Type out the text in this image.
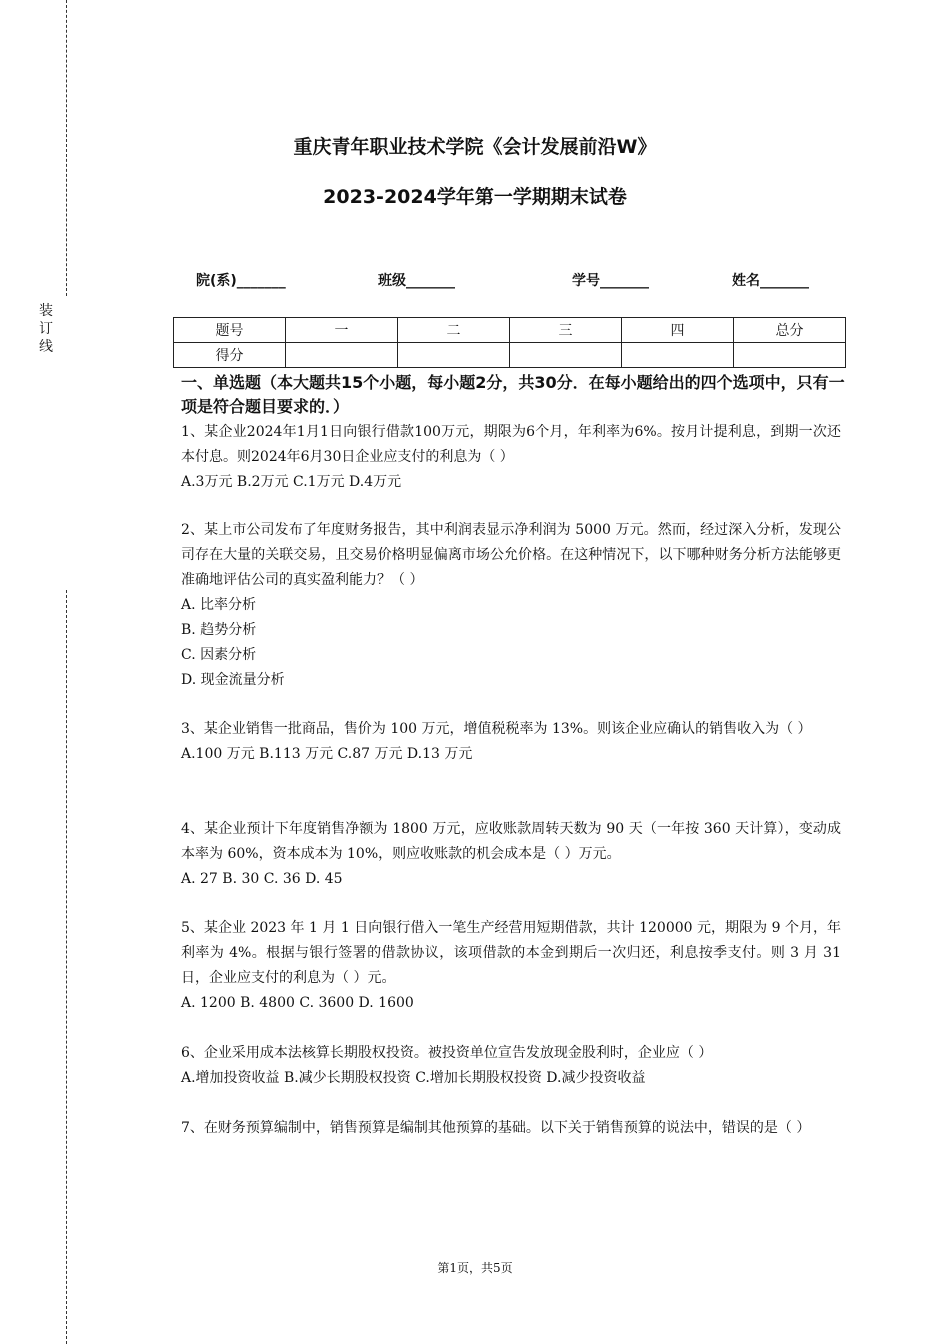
装订线
重庆青年职业技术学院《会计发展前沿W》
2023-2024学年第一学期期末试卷
院(系)_______	班级_______	学号_______	姓名_______
题号	一	二	三	四	总分
得分					
一、单选题（本大题共15个小题，每小题2分，共30分．在每小题给出的四个选项中，只有一项是符合题目要求的．）

1、某企业2024年1月1日向银行借款100万元，期限为6个月，年利率为6%。按月计提利息，到期一次还本付息。则2024年6月30日企业应支付的利息为（ ）

A.3万元 B.2万元 C.1万元 D.4万元

2、某上市公司发布了年度财务报告，其中利润表显示净利润为 5000 万元。然而，经过深入分析，发现公司存在大量的关联交易，且交易价格明显偏离市场公允价格。在这种情况下，以下哪种财务分析方法能够更准确地评估公司的真实盈利能力？（ ）

A. 比率分析

B. 趋势分析

C. 因素分析

D. 现金流量分析

3、某企业销售一批商品，售价为 100 万元，增值税税率为 13%。则该企业应确认的销售收入为（ ）

A.100 万元 B.113 万元 C.87 万元 D.13 万元

4、某企业预计下年度销售净额为 1800 万元，应收账款周转天数为 90 天（一年按 360 天计算），变动成本率为 60%，资本成本为 10%，则应收账款的机会成本是（ ）万元。

A. 27 B. 30 C. 36 D. 45

5、某企业 2023 年 1 月 1 日向银行借入一笔生产经营用短期借款，共计 120000 元，期限为 9 个月，年利率为 4%。根据与银行签署的借款协议，该项借款的本金到期后一次归还，利息按季支付。则 3 月 31 日，企业应支付的利息为（ ）元。

A. 1200 B. 4800 C. 3600 D. 1600

6、企业采用成本法核算长期股权投资。被投资单位宣告发放现金股利时，企业应（ ）

A.增加投资收益 B.减少长期股权投资 C.增加长期股权投资 D.减少投资收益

7、在财务预算编制中，销售预算是编制其他预算的基础。以下关于销售预算的说法中，错误的是（ ）

第1页，共5页
